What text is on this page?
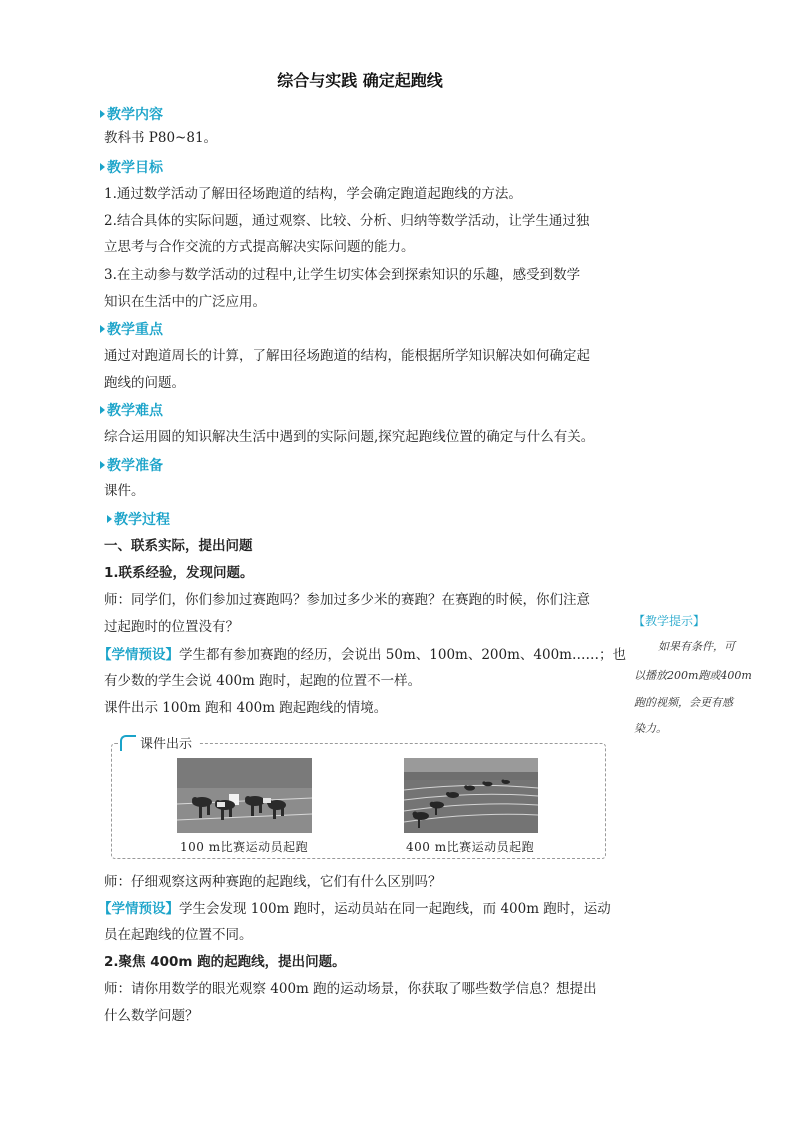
综合与实践 确定起跑线
教学内容
教科书 P80~81。
教学目标
1.通过数学活动了解田径场跑道的结构，学会确定跑道起跑线的方法。
2.结合具体的实际问题，通过观察、比较、分析、归纳等数学活动，让学生通过独
立思考与合作交流的方式提高解决实际问题的能力。
3.在主动参与数学活动的过程中,让学生切实体会到探索知识的乐趣，感受到数学
知识在生活中的广泛应用。
教学重点
通过对跑道周长的计算，了解田径场跑道的结构，能根据所学知识解决如何确定起
跑线的问题。
教学难点
综合运用圆的知识解决生活中遇到的实际问题,探究起跑线位置的确定与什么有关。
教学准备
课件。
教学过程
一、联系实际，提出问题
1.联系经验，发现问题。
师：同学们，你们参加过赛跑吗？参加过多少米的赛跑？在赛跑的时候，你们注意
过起跑时的位置没有？
【学情预设】学生都有参加赛跑的经历，会说出 50m、100m、200m、400m……；也
有少数的学生会说 400m 跑时，起跑的位置不一样。
课件出示 100m 跑和 400m 跑起跑线的情境。
课件出示
100 m比赛运动员起跑	400 m比赛运动员起跑
师：仔细观察这两种赛跑的起跑线，它们有什么区别吗？
【学情预设】学生会发现 100m 跑时，运动员站在同一起跑线，而 400m 跑时，运动
员在起跑线的位置不同。
2.聚焦 400m 跑的起跑线，提出问题。
师：请你用数学的眼光观察 400m 跑的运动场景，你获取了哪些数学信息？想提出
什么数学问题？
【教学提示】
如果有条件，可
以播放200m跑或400m
跑的视频，会更有感
染力。
